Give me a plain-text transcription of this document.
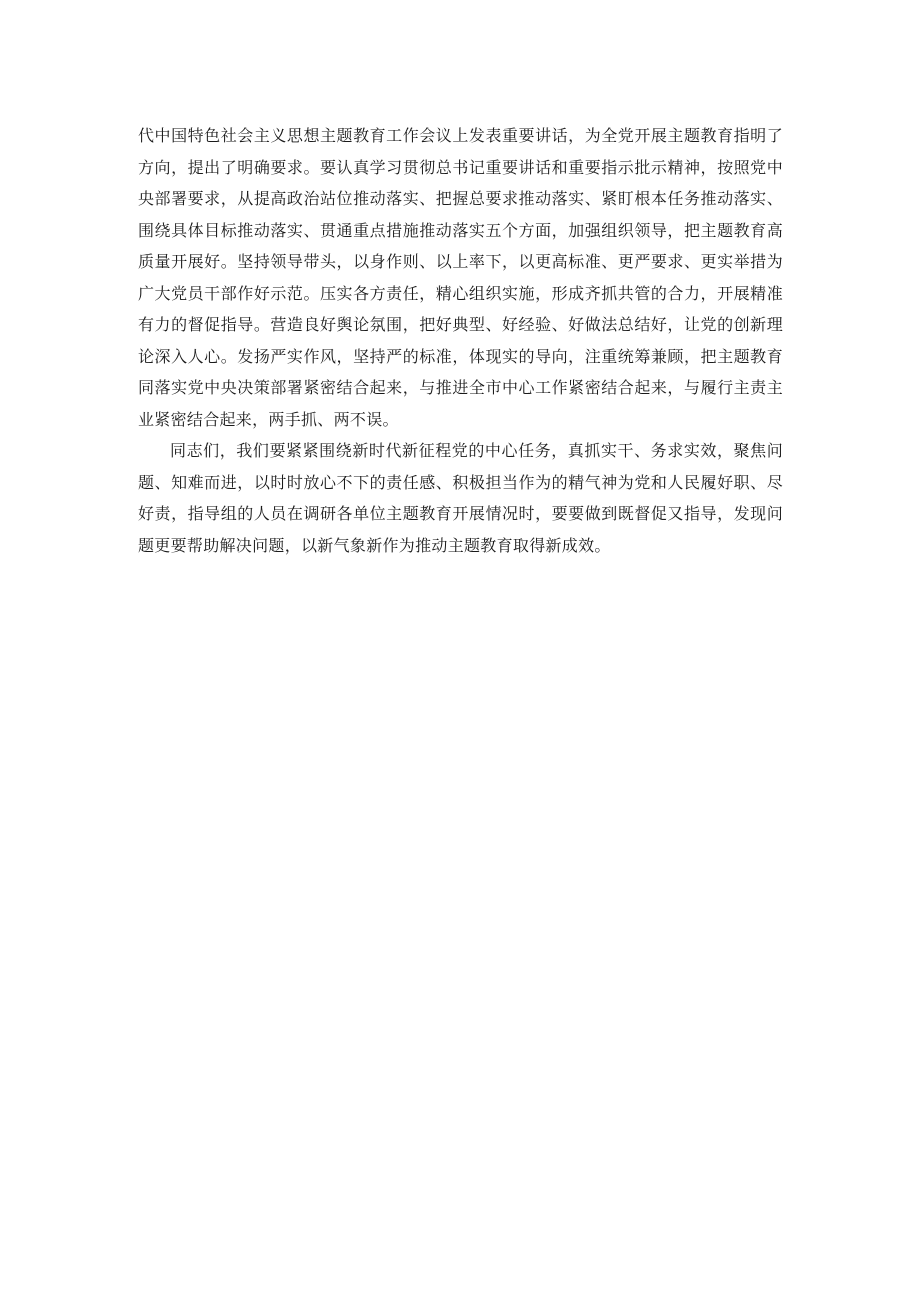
代中国特色社会主义思想主题教育工作会议上发表重要讲话，为全党开展主题教育指明了方向，提出了明确要求。要认真学习贯彻总书记重要讲话和重要指示批示精神，按照党中央部署要求，从提高政治站位推动落实、把握总要求推动落实、紧盯根本任务推动落实、围绕具体目标推动落实、贯通重点措施推动落实五个方面，加强组织领导，把主题教育高质量开展好。坚持领导带头，以身作则、以上率下，以更高标准、更严要求、更实举措为广大党员干部作好示范。压实各方责任，精心组织实施，形成齐抓共管的合力，开展精准有力的督促指导。营造良好舆论氛围，把好典型、好经验、好做法总结好，让党的创新理论深入人心。发扬严实作风，坚持严的标准，体现实的导向，注重统筹兼顾，把主题教育同落实党中央决策部署紧密结合起来，与推进全市中心工作紧密结合起来，与履行主责主业紧密结合起来，两手抓、两不误。

同志们，我们要紧紧围绕新时代新征程党的中心任务，真抓实干、务求实效，聚焦问题、知难而进，以时时放心不下的责任感、积极担当作为的精气神为党和人民履好职、尽好责，指导组的人员在调研各单位主题教育开展情况时，要要做到既督促又指导，发现问题更要帮助解决问题，以新气象新作为推动主题教育取得新成效。
